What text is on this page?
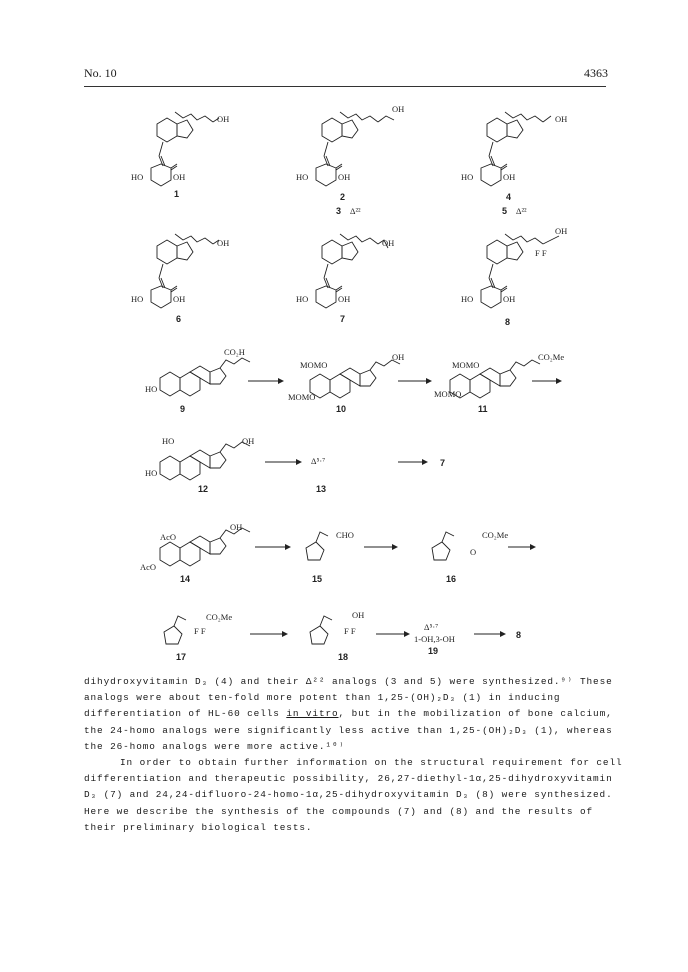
No. 10	4363
OH
HO	OH
1
OH
HO	OH
2
3 Δ²²
OH
HO	OH
4
5 Δ²²
OH
HO	OH
6
OH
HO	OH
7
OH
F F
HO	OH
8
CO₂H
HO
9
MOMO
MOMO
OH
10
MOMO
MOMO
CO₂Me
11
HO
HO
OH
12
Δ⁵·⁷
13
7
AcO
AcO
OH
14
CHO
15
CO₂Me
O
16
CO₂Me
F F
17
OH
F F
18
Δ⁵·⁷
1-OH,3-OH
19
8
dihydroxyvitamin D₃ (4) and their Δ²² analogs (3 and 5) were synthesized.⁹⁾ These
analogs were about ten-fold more potent than 1,25-(OH)₂D₃ (1) in inducing
differentiation of HL-60 cells in vitro, but in the mobilization of bone calcium,
the 24-homo analogs were significantly less active than 1,25-(OH)₂D₃ (1), whereas
the 26-homo analogs were more active.¹⁰⁾
In order to obtain further information on the structural requirement for cell
differentiation and therapeutic possibility, 26,27-diethyl-1α,25-dihydroxyvitamin
D₃ (7) and 24,24-difluoro-24-homo-1α,25-dihydroxyvitamin D₃ (8) were synthesized.
Here we describe the synthesis of the compounds (7) and (8) and the results of
their preliminary biological tests.
